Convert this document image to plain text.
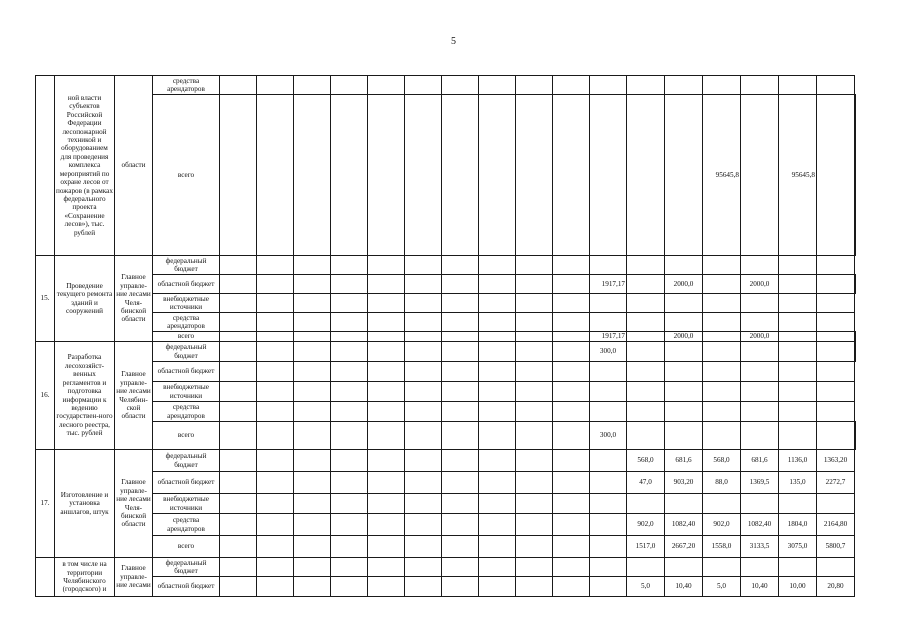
5
	ной власти субъектов Российской Федерации лесопожарной техникой и оборудованием для проведения комплекса мероприятий по охране лесов от пожаров (в рамках федерального проекта «Сохранение лесов»), тыс. рублей	области	средства арендаторов																		
			всего														95645,8		95645,8		
15.	Проведение текущего ремонта зданий и сооружений	Главное управле-ние лесами Челя-бинской области	федеральный бюджет																		
			областной бюджет											1917,17		2000,0		2000,0			
			внебюджетные источники																		
			средства арендаторов																		
			всего											1917,17		2000,0		2000,0			
16.	Разработка лесохозяйст-венных регламентов и подготовка информации к ведению государствен-ного лесного реестра, тыс. рублей	Главное управле-ние лесами Челябин-ской области	федеральный бюджет											300,0							
			областной бюджет																		
			внебюджетные источники																		
			средства арендаторов																		
			всего											300,0							
17.	Изготовление и установка аншлагов, штук	Главное управле-ние лесами Челя-бинской области	федеральный бюджет												568,0	681,6	568,0	681,6	1136,0	1363,20	
			областной бюджет												47,0	903,20	88,0	1369,5	135,0	2272,7	
			внебюджетные источники																		
			средства арендаторов												902,0	1082,40	902,0	1082,40	1804,0	2164,80	
			всего												1517,0	2667,20	1558,0	3133,5	3075,0	5800,7	
	в том числе на территории Челябинского (городского) и	Главное управле-ние лесами	федеральный бюджет																		
			областной бюджет												5,0	10,40	5,0	10,40	10,00	20,80	
